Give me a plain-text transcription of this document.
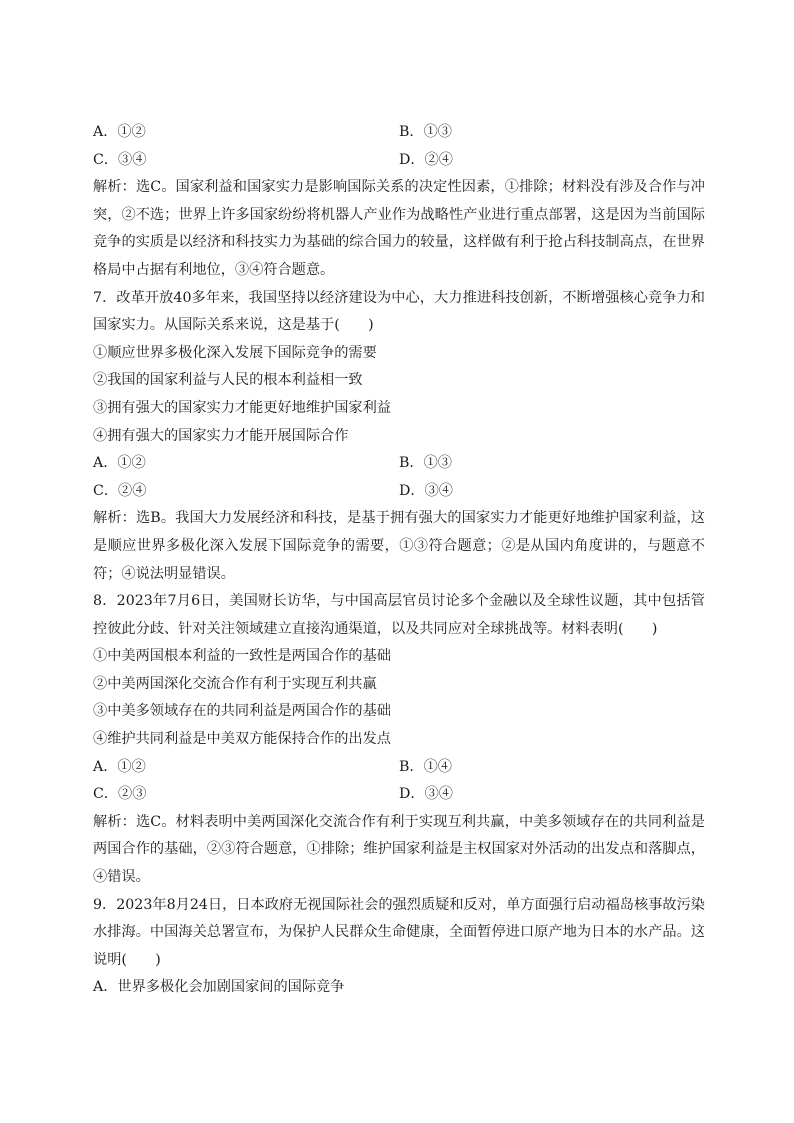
A．①②	B．①③
C．③④	D．②④
解析：选C。国家利益和国家实力是影响国际关系的决定性因素，①排除；材料没有涉及合作与冲突，②不选；世界上许多国家纷纷将机器人产业作为战略性产业进行重点部署，这是因为当前国际竞争的实质是以经济和科技实力为基础的综合国力的较量，这样做有利于抢占科技制高点，在世界格局中占据有利地位，③④符合题意。
7．改革开放40多年来，我国坚持以经济建设为中心，大力推进科技创新，不断增强核心竞争力和国家实力。从国际关系来说，这是基于(　　)
①顺应世界多极化深入发展下国际竞争的需要
②我国的国家利益与人民的根本利益相一致
③拥有强大的国家实力才能更好地维护国家利益
④拥有强大的国家实力才能开展国际合作
A．①②	B．①③
C．②④	D．③④
解析：选B。我国大力发展经济和科技，是基于拥有强大的国家实力才能更好地维护国家利益，这是顺应世界多极化深入发展下国际竞争的需要，①③符合题意；②是从国内角度讲的，与题意不符；④说法明显错误。
8．2023年7月6日，美国财长访华，与中国高层官员讨论多个金融以及全球性议题，其中包括管控彼此分歧、针对关注领域建立直接沟通渠道，以及共同应对全球挑战等。材料表明(　　)
①中美两国根本利益的一致性是两国合作的基础
②中美两国深化交流合作有利于实现互利共赢
③中美多领域存在的共同利益是两国合作的基础
④维护共同利益是中美双方能保持合作的出发点
A．①②	B．①④
C．②③	D．③④
解析：选C。材料表明中美两国深化交流合作有利于实现互利共赢，中美多领域存在的共同利益是两国合作的基础，②③符合题意，①排除；维护国家利益是主权国家对外活动的出发点和落脚点，④错误。
9．2023年8月24日，日本政府无视国际社会的强烈质疑和反对，单方面强行启动福岛核事故污染水排海。中国海关总署宣布，为保护人民群众生命健康，全面暂停进口原产地为日本的水产品。这说明(　　)
A．世界多极化会加剧国家间的国际竞争
